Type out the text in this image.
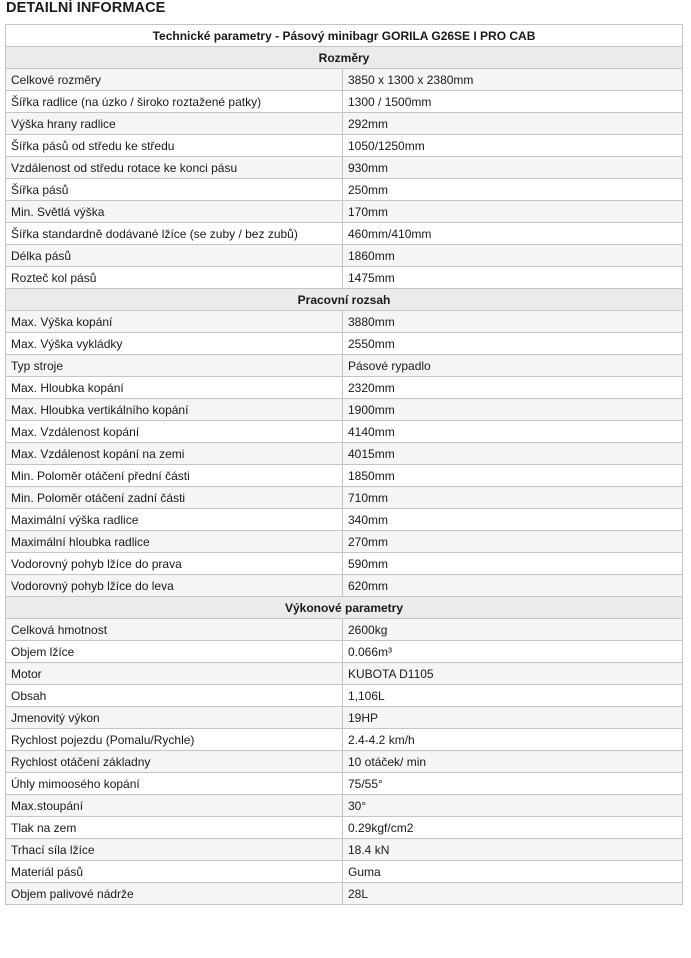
DETAILNÍ INFORMACE
Technické parametry - Pásový minibagr GORILA G26SE I PRO CAB	
Rozměry	
Celkové rozměry	3850 x 1300 x 2380mm
Šířka radlice (na úzko / široko roztažené patky)	1300 / 1500mm
Výška hrany radlice	292mm
Šířka pásů od středu ke středu	1050/1250mm
Vzdálenost od středu rotace ke konci pásu	930mm
Šířka pásů	250mm
Min. Světlá výška	170mm
Šířka standardně dodávané lžíce (se zuby / bez zubů)	460mm/410mm
Délka pásů	1860mm
Rozteč kol pásů	1475mm
Pracovní rozsah	
Max. Výška kopání	3880mm
Max. Výška vykládky	2550mm
Typ stroje	Pásové rypadlo
Max. Hloubka kopání	2320mm
Max. Hloubka vertikálního kopání	1900mm
Max. Vzdálenost kopání	4140mm
Max. Vzdálenost kopání na zemi	4015mm
Min. Poloměr otáčení přední části	1850mm
Min. Poloměr otáčení zadní části	710mm
Maximální výška radlice	340mm
Maximální hloubka radlice	270mm
Vodorovný pohyb lžíce do prava	590mm
Vodorovný pohyb lžíce do leva	620mm
Výkonové parametry	
Celková hmotnost	2600kg
Objem lžíce	0.066m³
Motor	KUBOTA D1105
Obsah	1,106L
Jmenovitý výkon	19HP
Rychlost pojezdu (Pomalu/Rychle)	2.4-4.2 km/h
Rychlost otáčení základny	10 otáček/ min
Úhly mimoosého kopání	75/55°
Max.stoupání	30°
Tlak na zem	0.29kgf/cm2
Trhací síla lžíce	18.4 kN
Materiál pásů	Guma
Objem palivové nádrže	28L
